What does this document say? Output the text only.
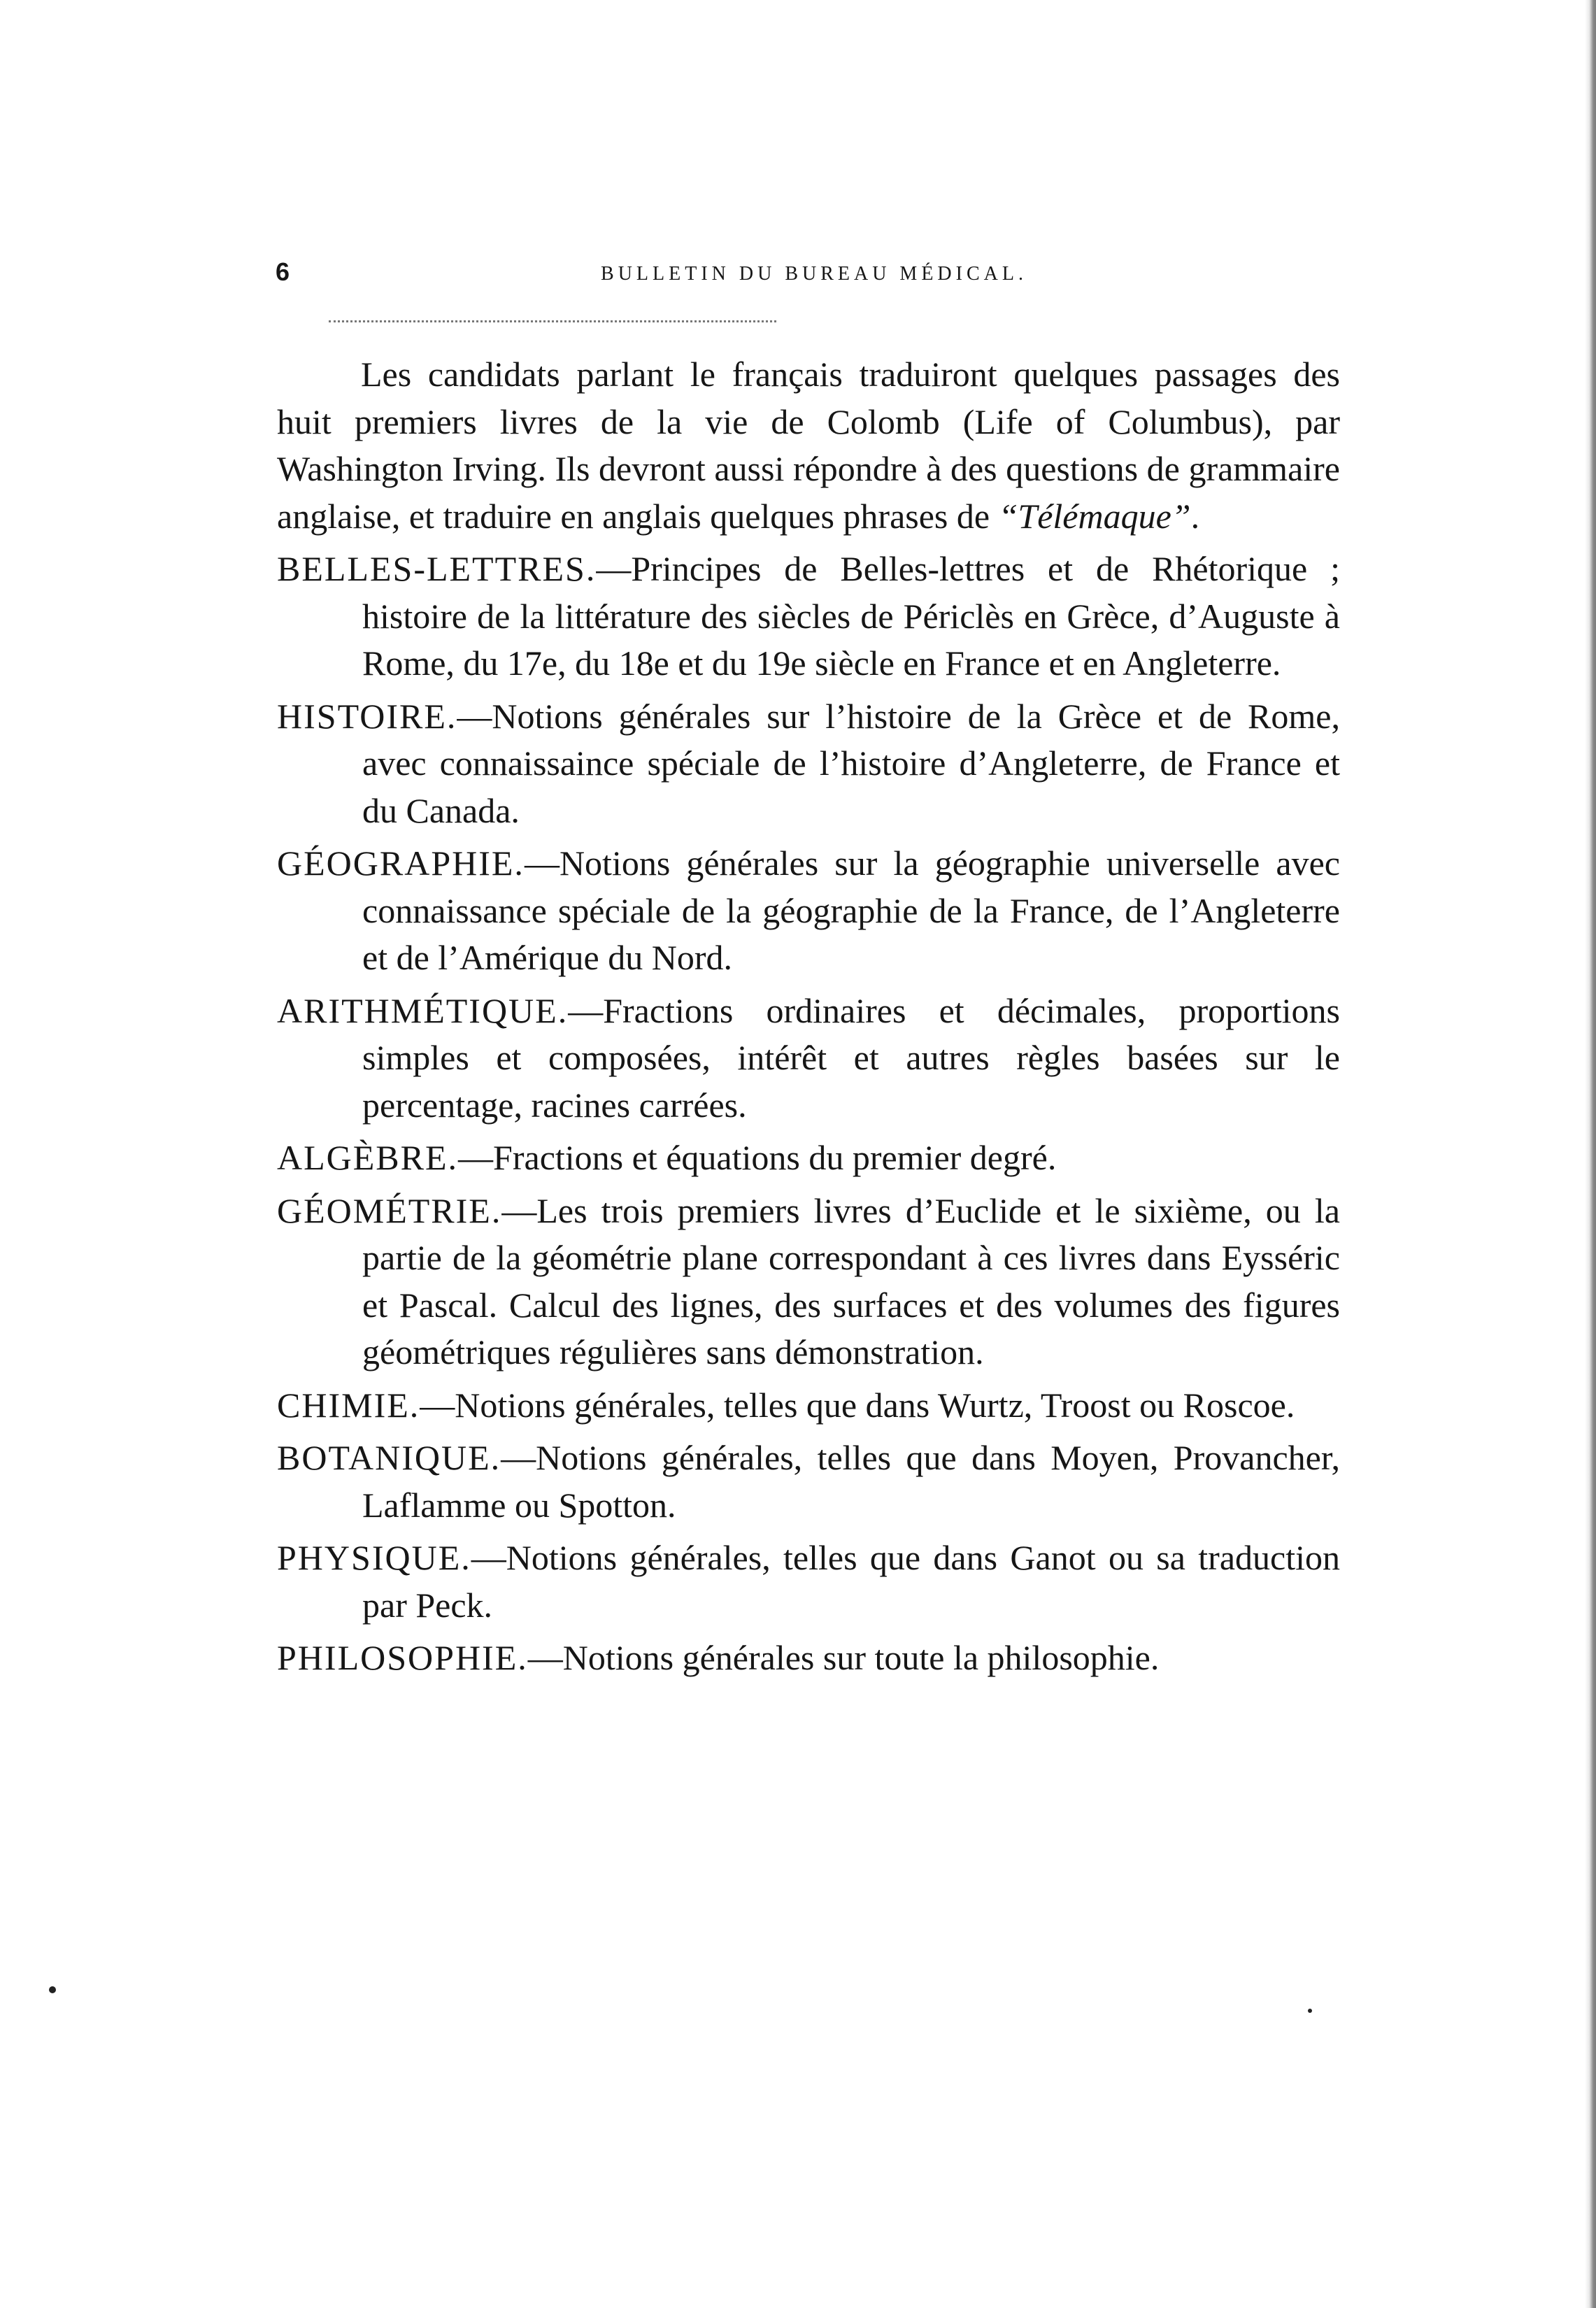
6	BULLETIN DU BUREAU MÉDICAL.

Les candidats parlant le français traduiront quelques passages des huit premiers livres de la vie de Colomb (Life of Columbus), par Washington Irving. Ils devront aussi répondre à des questions de grammaire anglaise, et traduire en anglais quelques phrases de “Télémaque”.

BELLES-LETTRES.—Principes de Belles-lettres et de Rhétorique ; histoire de la littérature des siècles de Périclès en Grèce, d’Auguste à Rome, du 17e, du 18e et du 19e siècle en France et en Angleterre.

HISTOIRE.—Notions générales sur l’histoire de la Grèce et de Rome, avec connaissaince spéciale de l’histoire d’Angleterre, de France et du Canada.

GÉOGRAPHIE.—Notions générales sur la géographie universelle avec connaissance spéciale de la géographie de la France, de l’Angleterre et de l’Amérique du Nord.

ARITHMÉTIQUE.—Fractions ordinaires et décimales, proportions simples et composées, intérêt et autres règles basées sur le percentage, racines carrées.

ALGÈBRE.—Fractions et équations du premier degré.

GÉOMÉTRIE.—Les trois premiers livres d’Euclide et le sixième, ou la partie de la géométrie plane correspondant à ces livres dans Eysséric et Pascal. Calcul des lignes, des surfaces et des volumes des figures géométriques régulières sans démonstration.

CHIMIE.—Notions générales, telles que dans Wurtz, Troost ou Roscoe.

BOTANIQUE.—Notions générales, telles que dans Moyen, Provancher, Laflamme ou Spotton.

PHYSIQUE.—Notions générales, telles que dans Ganot ou sa traduction par Peck.

PHILOSOPHIE.—Notions générales sur toute la philosophie.
